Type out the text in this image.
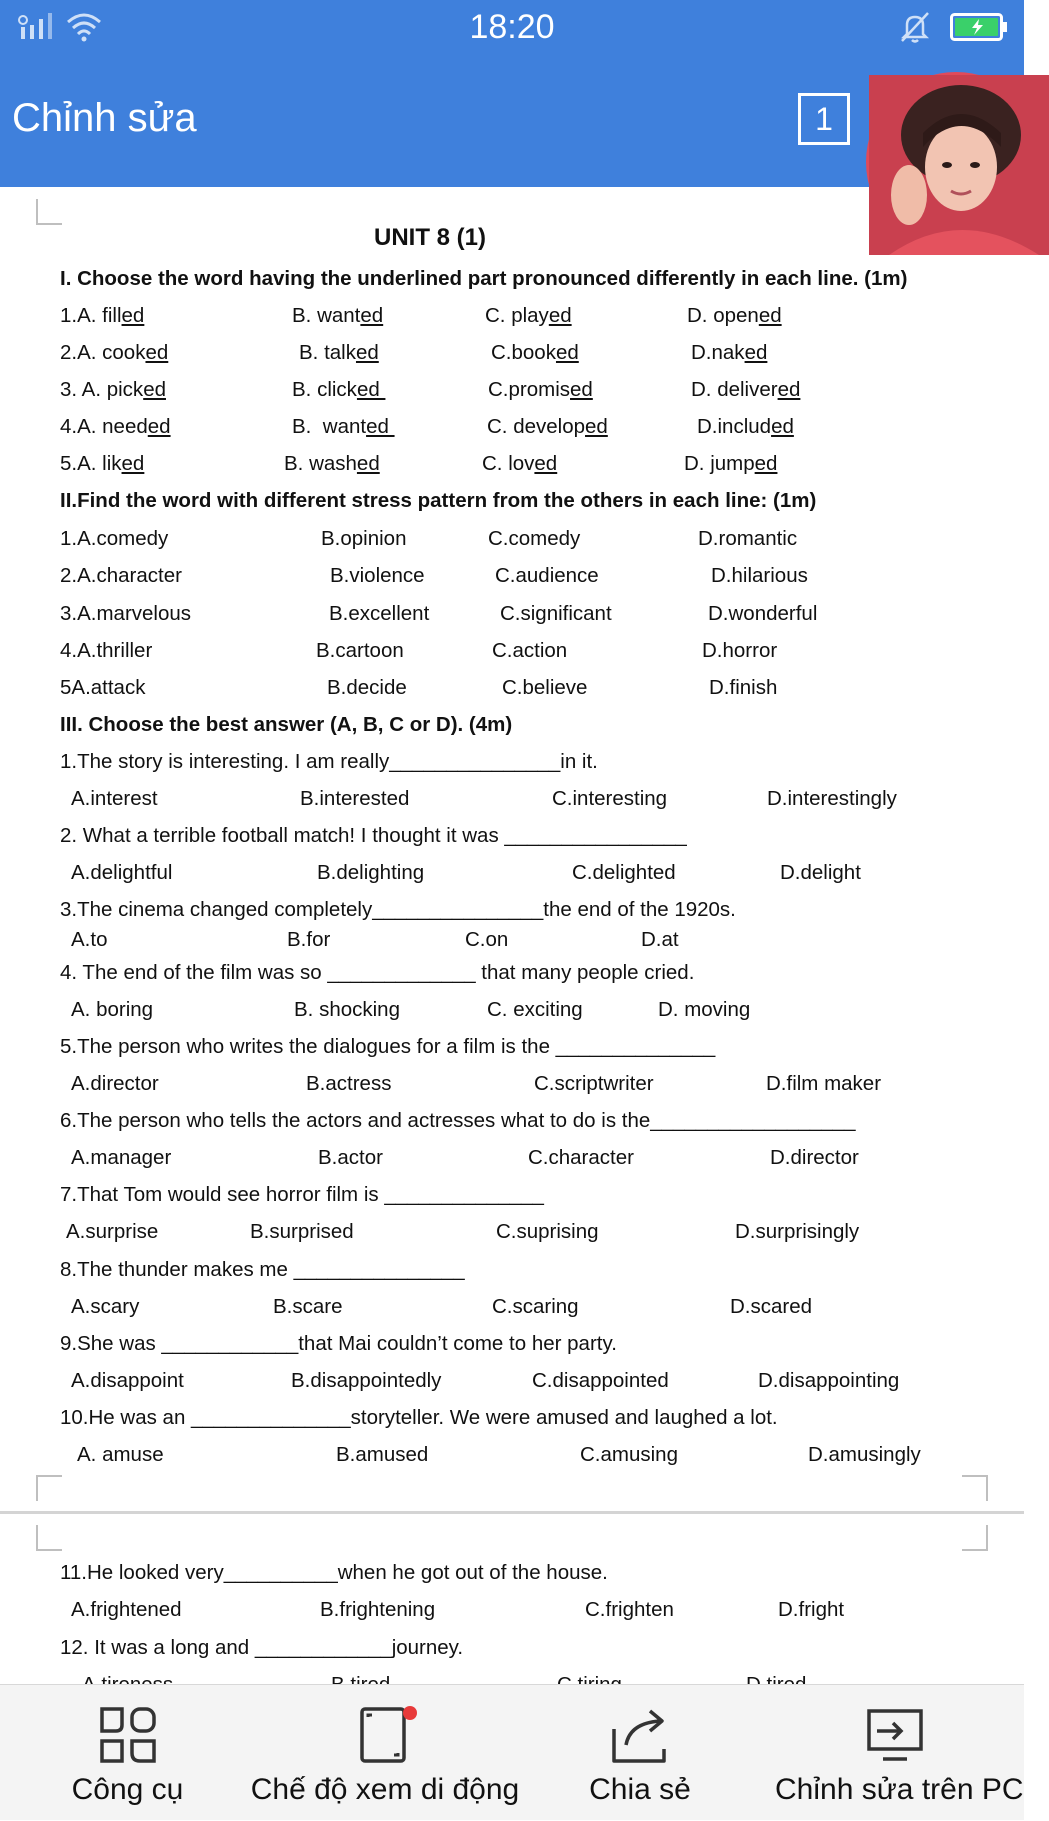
18:20
Chỉnh sửa	1
UNIT 8 (1)
I. Choose the word having the underlined part pronounced differently in each line. (1m)
1.A. filled	B. wanted	C. played	D. opened
2.A. cooked	B. talked	C.booked	D.naked
3. A. picked	B. clicked	C.promised	D. delivered
4.A. needed	B.  wanted	C. developed	D.included
5.A. liked	B. washed	C. loved	D. jumped
II.Find the word with different stress pattern from the others in each line: (1m)
1.A.comedy	B.opinion	C.comedy	D.romantic
2.A.character	B.violence	C.audience	D.hilarious
3.A.marvelous	B.excellent	C.significant	D.wonderful
4.A.thriller	B.cartoon	C.action	D.horror
5A.attack	B.decide	C.believe	D.finish
III. Choose the best answer (A, B, C or D). (4m)
1.The story is interesting. I am really_______________in it.
A.interest	B.interested	C.interesting	D.interestingly
2. What a terrible football match! I thought it was ________________
A.delightful	B.delighting	C.delighted	D.delight
3.The cinema changed completely_______________the end of the 1920s.
A.to	B.for	C.on	D.at
4. The end of the film was so _____________ that many people cried.
A. boring	B. shocking	C. exciting	D. moving
5.The person who writes the dialogues for a film is the ______________
A.director	B.actress	C.scriptwriter	D.film maker
6.The person who tells the actors and actresses what to do is the__________________
A.manager	B.actor	C.character	D.director
7.That Tom would see horror film is ______________
A.surprise	B.surprised	C.suprising	D.surprisingly
8.The thunder makes me _______________
A.scary	B.scare	C.scaring	D.scared
9.She was ____________that Mai couldn’t come to her party.
A.disappoint	B.disappointedly	C.disappointed	D.disappointing
10.He was an ______________storyteller. We were amused and laughed a lot.
A. amuse	B.amused	C.amusing	D.amusingly
11.He looked very__________when he got out of the house.
A.frightened	B.frightening	C.frighten	D.fright
12. It was a long and ____________journey.
Công cụ	Chế độ xem di động	Chia sẻ	Chỉnh sửa trên PC
